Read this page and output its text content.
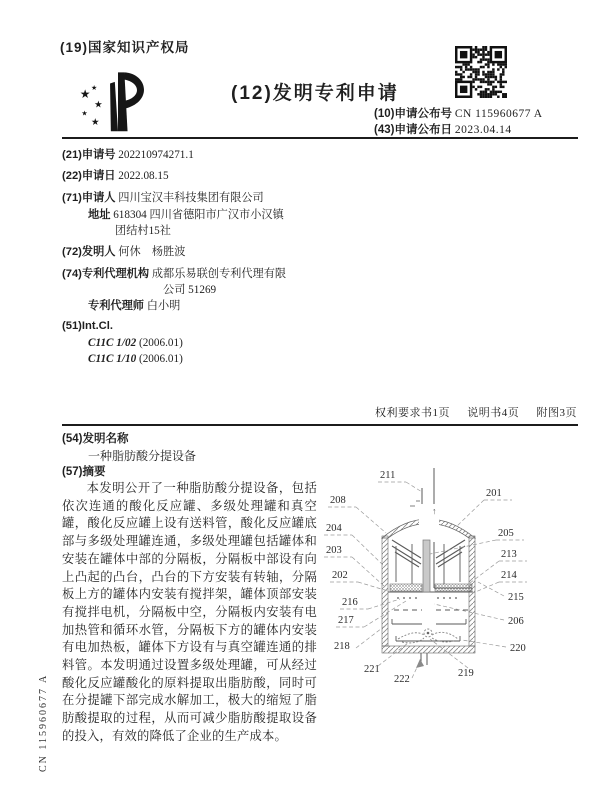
(19)国家知识产权局
★ ★
★
★
★
(12)发明专利申请
(10)申请公布号 CN 115960677 A
(43)申请公布日 2023.04.14
(21)申请号 202210974271.1
(22)申请日 2022.08.15
(71)申请人 四川宝汉丰科技集团有限公司
地址 618304 四川省德阳市广汉市小汉镇
团结村15社
(72)发明人 何休　杨胜波
(74)专利代理机构 成都乐易联创专利代理有限
公司 51269
专利代理师 白小明
(51)Int.Cl.
C11C 1/02 (2006.01)
C11C 1/10 (2006.01)
权利要求书1页 说明书4页 附图3页
(54)发明名称
一种脂肪酸分提设备
(57)摘要
本发明公开了一种脂肪酸分提设备，包括依次连通的酸化反应罐、多级处理罐和真空罐，酸化反应罐上设有送料管，酸化反应罐底部与多级处理罐连通，多级处理罐包括罐体和安装在罐体中部的分隔板，分隔板中部设有向上凸起的凸台，凸台的下方安装有转轴，分隔板上方的罐体内安装有搅拌架，罐体顶部安装有搅拌电机，分隔板中空，分隔板内安装有电加热管和循环水管，分隔板下方的罐体内安装有电加热板，罐体下方设有与真空罐连通的排料管。本发明通过设置多级处理罐，可从经过酸化反应罐酸化的原料提取出脂肪酸，同时可在分提罐下部完成水解加工，极大的缩短了脂肪酸提取的过程，从而可减少脂肪酸提取设备的投入，有效的降低了企业的生产成本。
↑
211
201
208
204	205
203	213
202	214
216	215
217	206
218	220
221	219
222
CN 115960677 A
